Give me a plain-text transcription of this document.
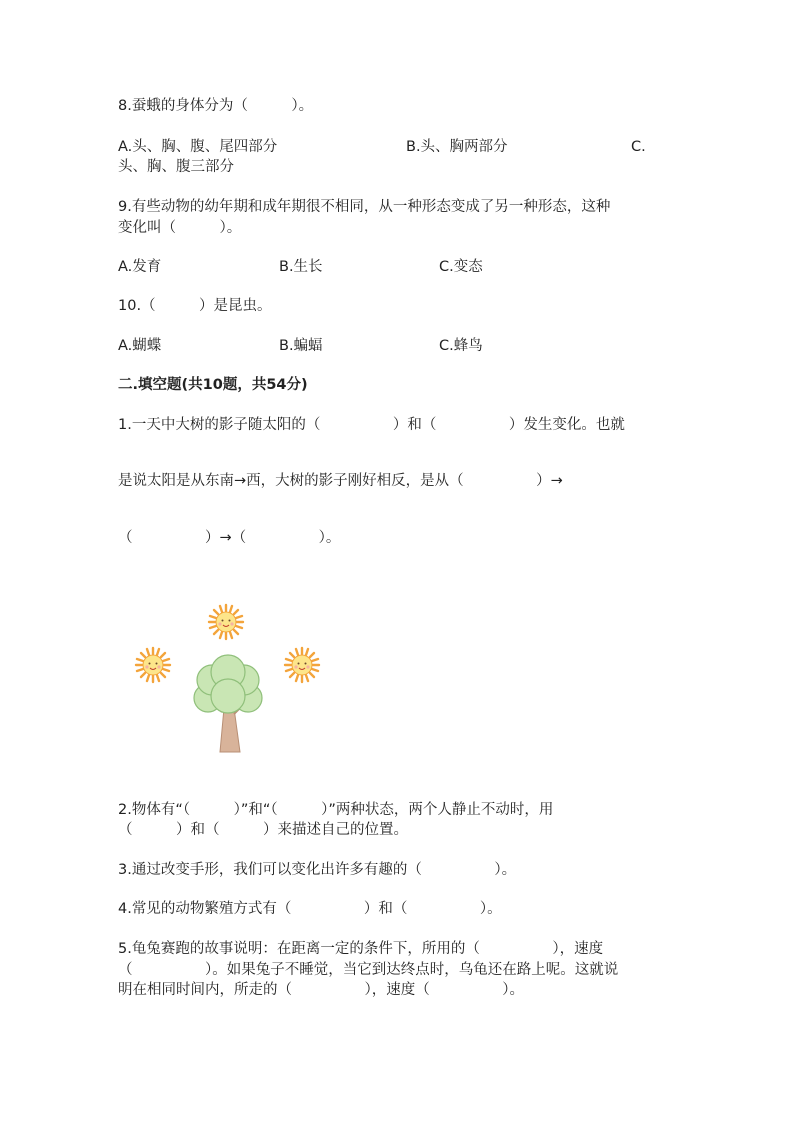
8.蚕蛾的身体分为（　　　）。
A.头、胸、腹、尾四部分	B.头、胸两部分	C.
头、胸、腹三部分
9.有些动物的幼年期和成年期很不相同，从一种形态变成了另一种形态，这种
变化叫（　　　）。
A.发育	B.生长	C.变态
10.（　　　）是昆虫。
A.蝴蝶	B.蝙蝠	C.蜂鸟
二.填空题(共10题，共54分)
1.一天中大树的影子随太阳的（　　　　　）和（　　　　　）发生变化。也就
是说太阳是从东南→西，大树的影子刚好相反，是从（　　　　　）→
（　　　　　）→（　　　　　）。
2.物体有“（　　　）”和“（　　　）”两种状态，两个人静止不动时，用
（　　　）和（　　　）来描述自己的位置。
3.通过改变手形，我们可以变化出许多有趣的（　　　　　）。
4.常见的动物繁殖方式有（　　　　　）和（　　　　　）。
5.龟兔赛跑的故事说明：在距离一定的条件下，所用的（　　　　　），速度
（　　　　　）。如果兔子不睡觉，当它到达终点时，乌龟还在路上呢。这就说
明在相同时间内，所走的（　　　　　），速度（　　　　　）。
